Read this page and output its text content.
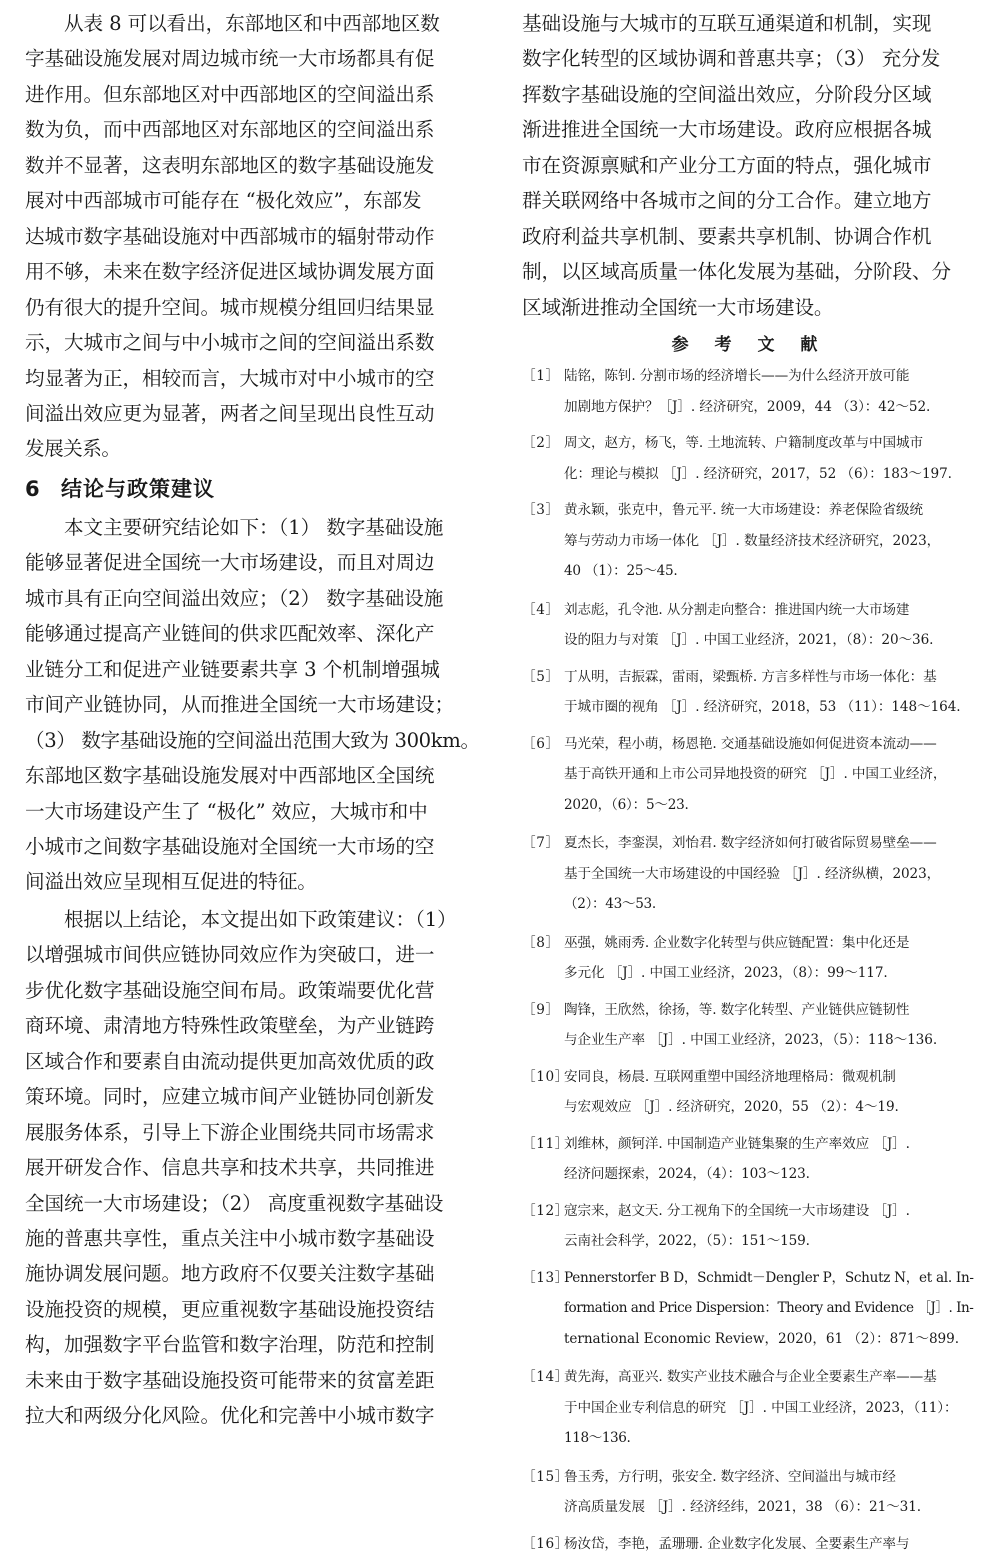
　　从表 8 可以看出，东部地区和中西部地区数
字基础设施发展对周边城市统一大市场都具有促
进作用。但东部地区对中西部地区的空间溢出系
数为负，而中西部地区对东部地区的空间溢出系
数并不显著，这表明东部地区的数字基础设施发
展对中西部城市可能存在 “极化效应”，东部发
达城市数字基础设施对中西部城市的辐射带动作
用不够，未来在数字经济促进区域协调发展方面
仍有很大的提升空间。城市规模分组回归结果显
示，大城市之间与中小城市之间的空间溢出系数
均显著为正，相较而言，大城市对中小城市的空
间溢出效应更为显著，两者之间呈现出良性互动
发展关系。
6 结论与政策建议
　　本文主要研究结论如下：（1） 数字基础设施
能够显著促进全国统一大市场建设，而且对周边
城市具有正向空间溢出效应；（2） 数字基础设施
能够通过提高产业链间的供求匹配效率、深化产
业链分工和促进产业链要素共享 3 个机制增强城
市间产业链协同，从而推进全国统一大市场建设；
（3） 数字基础设施的空间溢出范围大致为 300km。
东部地区数字基础设施发展对中西部地区全国统
一大市场建设产生了 “极化” 效应，大城市和中
小城市之间数字基础设施对全国统一大市场的空
间溢出效应呈现相互促进的特征。
　　根据以上结论，本文提出如下政策建议：（1）
以增强城市间供应链协同效应作为突破口，进一
步优化数字基础设施空间布局。政策端要优化营
商环境、肃清地方特殊性政策壁垒，为产业链跨
区域合作和要素自由流动提供更加高效优质的政
策环境。同时，应建立城市间产业链协同创新发
展服务体系，引导上下游企业围绕共同市场需求
展开研发合作、信息共享和技术共享，共同推进
全国统一大市场建设；（2） 高度重视数字基础设
施的普惠共享性，重点关注中小城市数字基础设
施协调发展问题。地方政府不仅要关注数字基础
设施投资的规模，更应重视数字基础设施投资结
构，加强数字平台监管和数字治理，防范和控制
未来由于数字基础设施投资可能带来的贫富差距
拉大和两级分化风险。优化和完善中小城市数字
基础设施与大城市的互联互通渠道和机制，实现
数字化转型的区域协调和普惠共享；（3） 充分发
挥数字基础设施的空间溢出效应，分阶段分区域
渐进推进全国统一大市场建设。政府应根据各城
市在资源禀赋和产业分工方面的特点，强化城市
群关联网络中各城市之间的分工合作。建立地方
政府利益共享机制、要素共享机制、协调合作机
制，以区域高质量一体化发展为基础，分阶段、分
区域渐进推动全国统一大市场建设。
参 考 文 献
［1］ 陆铭，陈钊. 分割市场的经济增长——为什么经济开放可能
加剧地方保护？［J］. 经济研究，2009，44 （3）：42～52.
［2］ 周文，赵方，杨飞，等. 土地流转、户籍制度改革与中国城市
化：理论与模拟 ［J］. 经济研究，2017，52 （6）：183～197.
［3］ 黄永颖，张克中，鲁元平. 统一大市场建设：养老保险省级统
筹与劳动力市场一体化 ［J］. 数量经济技术经济研究，2023，
40 （1）：25～45.
［4］ 刘志彪，孔令池. 从分割走向整合：推进国内统一大市场建
设的阻力与对策 ［J］. 中国工业经济，2021，（8）：20～36.
［5］ 丁从明，吉振霖，雷雨，梁甄桥. 方言多样性与市场一体化：基
于城市圈的视角 ［J］. 经济研究，2018，53 （11）：148～164.
［6］ 马光荣，程小萌，杨恩艳. 交通基础设施如何促进资本流动——
基于高铁开通和上市公司异地投资的研究 ［J］. 中国工业经济，
2020，（6）：5～23.
［7］ 夏杰长，李銮淏，刘怡君. 数字经济如何打破省际贸易壁垒——
基于全国统一大市场建设的中国经验 ［J］. 经济纵横，2023，
（2）：43～53.
［8］ 巫强，姚雨秀. 企业数字化转型与供应链配置：集中化还是
多元化 ［J］. 中国工业经济，2023，（8）：99～117.
［9］ 陶锋，王欣然，徐扬，等. 数字化转型、产业链供应链韧性
与企业生产率 ［J］. 中国工业经济，2023，（5）：118～136.
［10］
安同良，杨晨. 互联网重塑中国经济地理格局：微观机制
与宏观效应 ［J］. 经济研究，2020，55 （2）：4～19.
［11］
刘维林，颜钶洋. 中国制造产业链集聚的生产率效应 ［J］.
经济问题探索，2024，（4）：103～123.
［12］
寇宗来，赵文天. 分工视角下的全国统一大市场建设 ［J］.
云南社会科学，2022，（5）：151～159.
［13］
Pennerstorfer B D，Schmidt－Dengler P，Schutz N，et al. In-
formation and Price Dispersion：Theory and Evidence ［J］. In-
ternational Economic Review，2020，61 （2）：871～899.
［14］
黄先海，高亚兴. 数实产业技术融合与企业全要素生产率——基
于中国企业专利信息的研究 ［J］. 中国工业经济，2023，（11）：
118～136.
［15］
鲁玉秀，方行明，张安全. 数字经济、空间溢出与城市经
济高质量发展 ［J］. 经济经纬，2021，38 （6）：21～31.
［16］
杨汝岱，李艳，孟珊珊. 企业数字化发展、全要素生产率与
